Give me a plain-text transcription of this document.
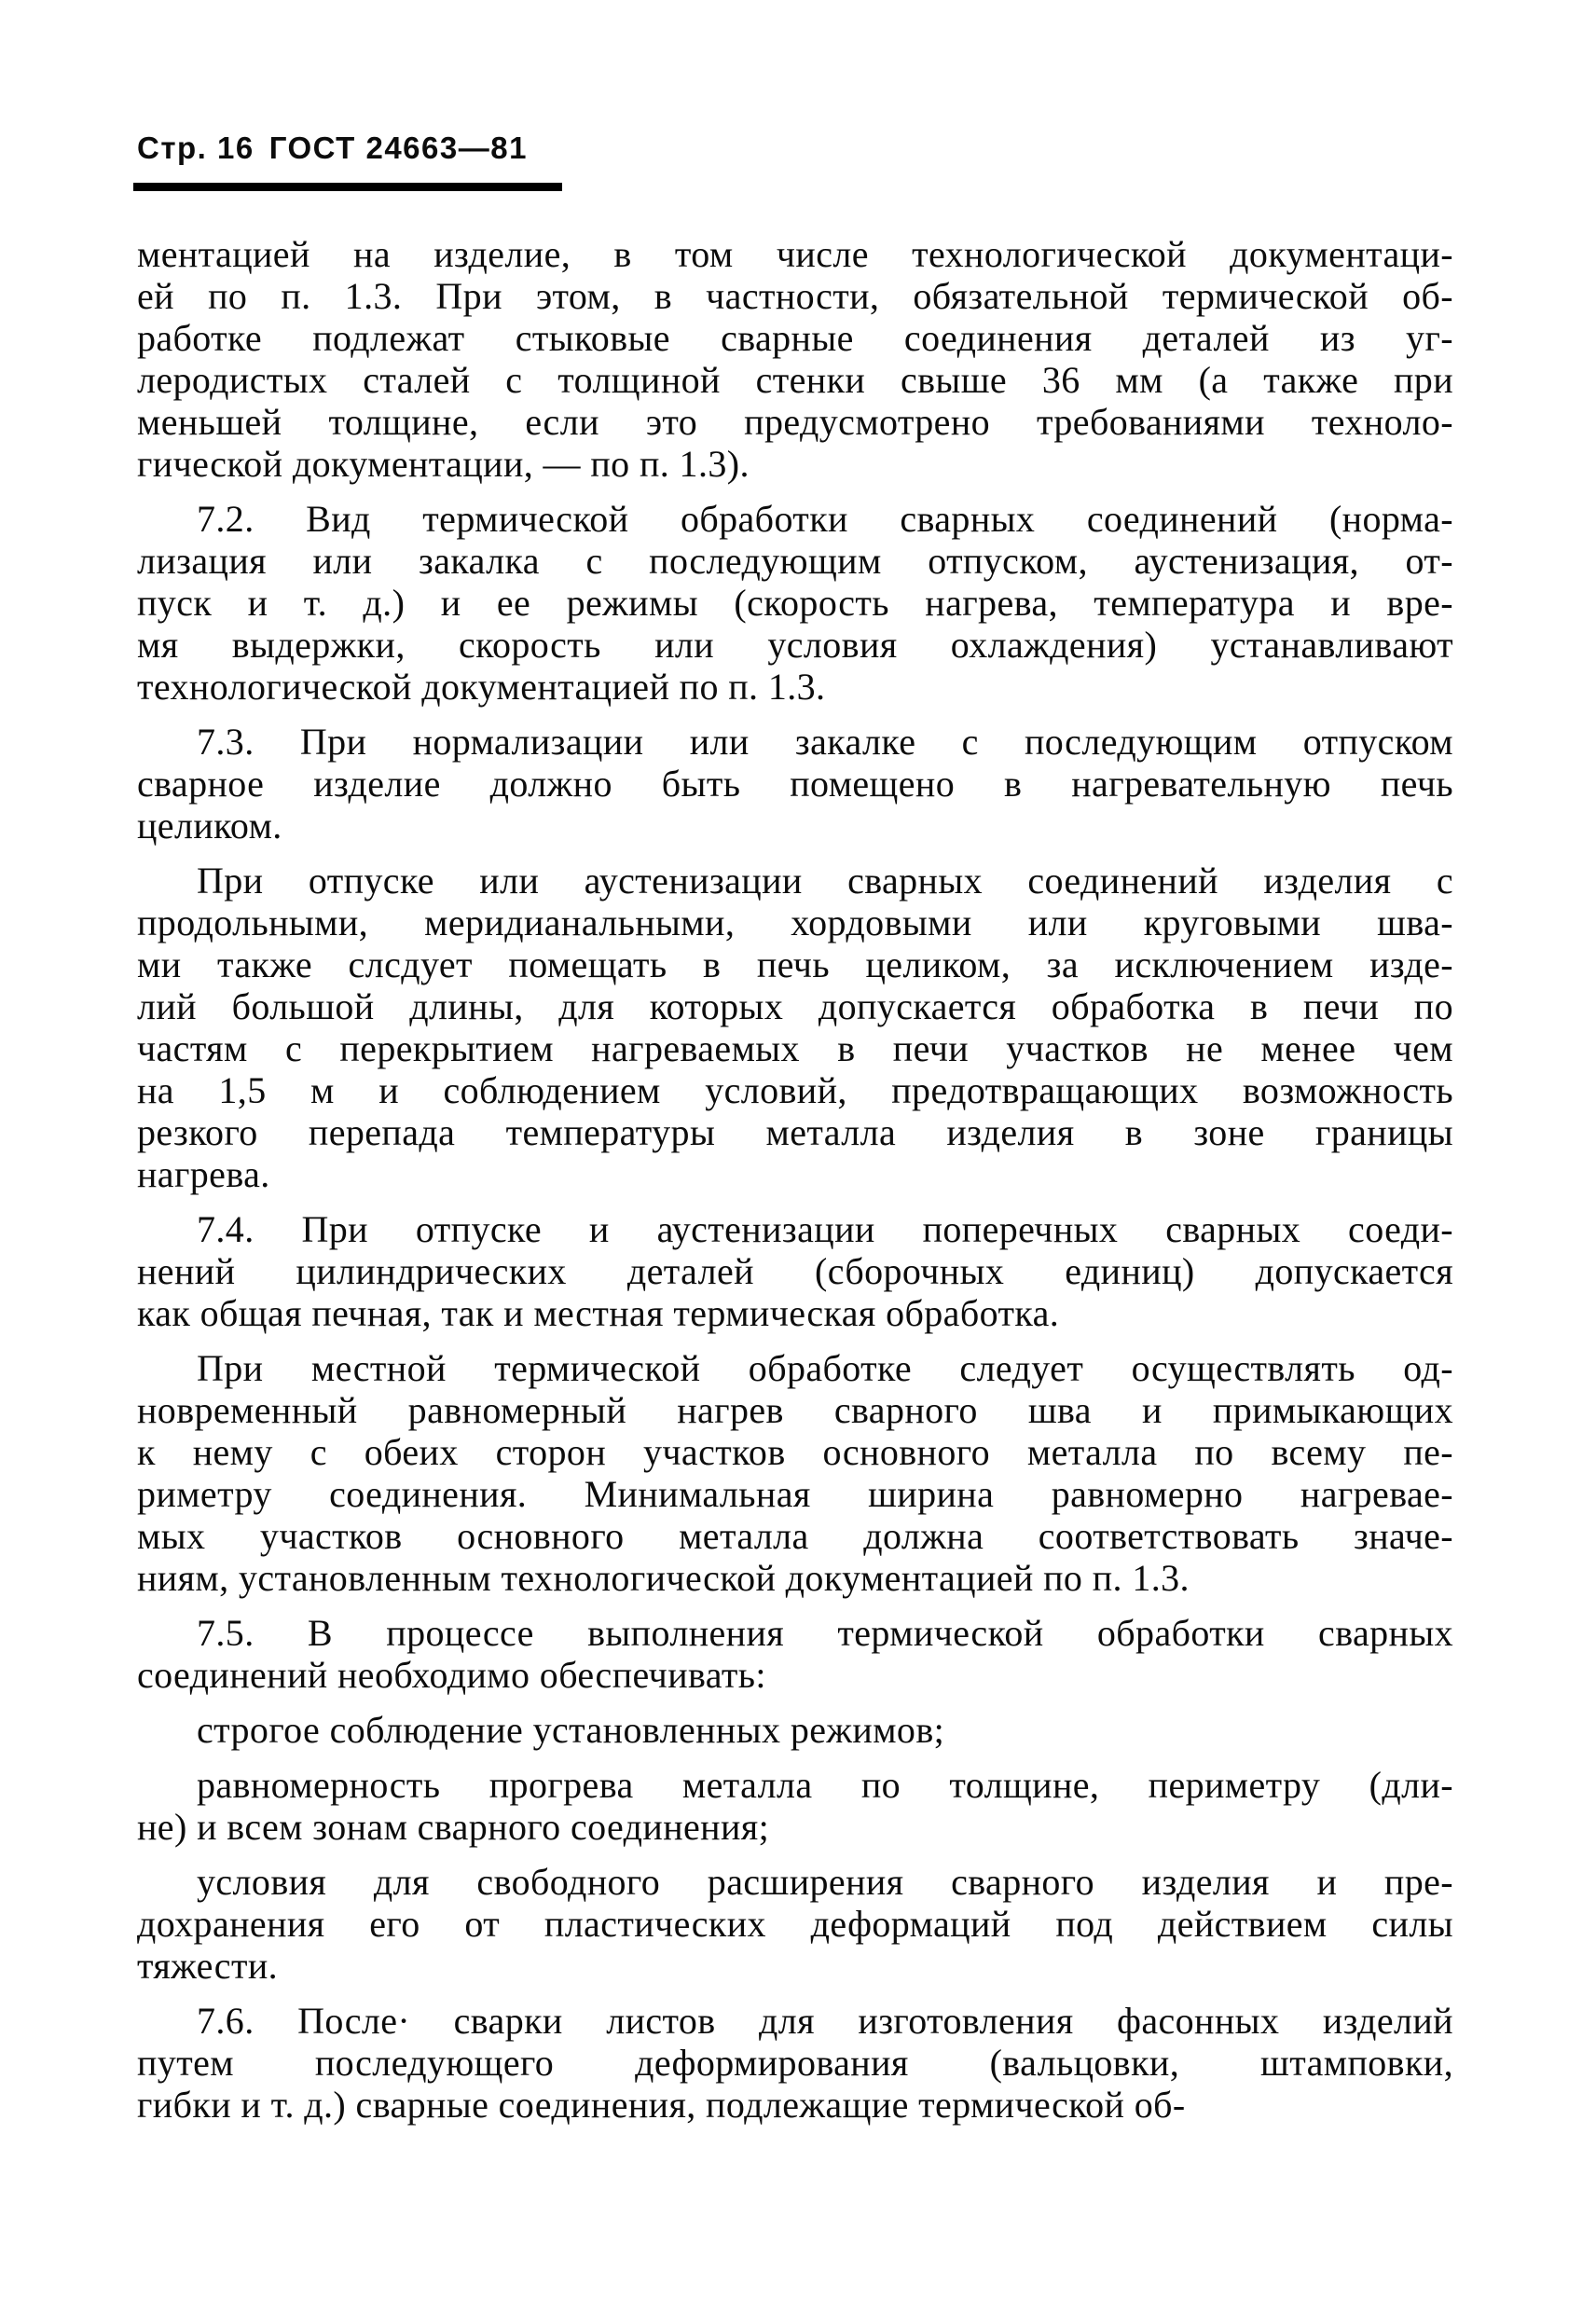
Стр. 16 ГОСТ 24663—81
ментацией на изделие, в том числе технологической документаци-
ей по п. 1.3. При этом, в частности, обязательной термической об-
работке подлежат стыковые сварные соединения деталей из уг-
леродистых сталей с толщиной стенки свыше 36 мм (а также при
меньшей толщине, если это предусмотрено требованиями техноло-
гической документации, — по п. 1.3).
7.2. Вид термической обработки сварных соединений (норма-
лизация или закалка с последующим отпуском, аустенизация, от-
пуск и т. д.) и ее режимы (скорость нагрева, температура и вре-
мя выдержки, скорость или условия охлаждения) устанавливают
технологической документацией по п. 1.3.
7.3. При нормализации или закалке с последующим отпуском
сварное изделие должно быть помещено в нагревательную печь
целиком.
При отпуске или аустенизации сварных соединений изделия с
продольными, меридианальными, хордовыми или круговыми шва-
ми также слсдует помещать в печь целиком, за исключением изде-
лий большой длины, для которых допускается обработка в печи по
частям с перекрытием нагреваемых в печи участков не менее чем
на 1,5 м и соблюдением условий, предотвращающих возможность
резкого перепада температуры металла изделия в зоне границы
нагрева.
7.4. При отпуске и аустенизации поперечных сварных соеди-
нений цилиндрических деталей (сборочных единиц) допускается
как общая печная, так и местная термическая обработка.
При местной термической обработке следует осуществлять од-
новременный равномерный нагрев сварного шва и примыкающих
к нему с обеих сторон участков основного металла по всему пе-
риметру соединения. Минимальная ширина равномерно нагревае-
мых участков основного металла должна соответствовать значе-
ниям, установленным технологической документацией по п. 1.3.
7.5. В процессе выполнения термической обработки сварных
соединений необходимо обеспечивать:
строгое соблюдение установленных режимов;
равномерность прогрева металла по толщине, периметру (дли-
не) и всем зонам сварного соединения;
условия для свободного расширения сварного изделия и пре-
дохранения его от пластических деформаций под действием силы
тяжести.
7.6. После· сварки листов для изготовления фасонных изделий
путем последующего деформирования (вальцовки, штамповки,
гибки и т. д.) сварные соединения, подлежащие термической об-
